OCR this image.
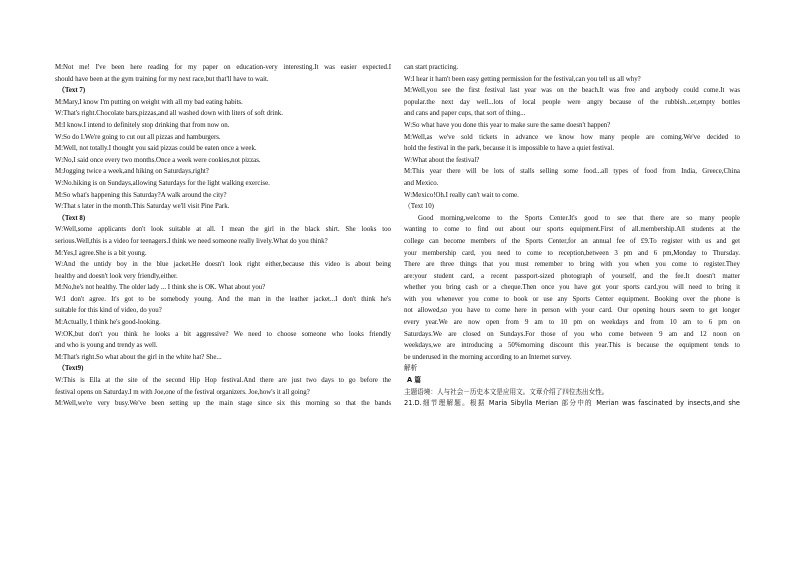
M:Not me! I've been here reading for my paper on education-very interesting.It was easier expected.I
should have been at the gym training for my next race,but that'll have to wait.
（Text 7)
M:Mary,I know I'm putting on weight with all my bad eating habits.
W:That's right.Chocolate bars,pizzas,and all washed down with liters of soft drink.
M:I know.I intend to definitely stop drinking that from now on.
W:So do I.We're going to cut out all pizzas and hamburgers.
M:Well, not totally.I thought you said pizzas could be eaten once a week.
W:No,I said once every two months.Once a week were cookies,not pizzas.
M:Jogging twice a week,and hiking on Saturdays,right?
W:No.hiking is on Sundays,allowing Saturdays for the light walking exercise.
M:So what's happening this Saturday?A walk around the city?
W:That s later in the month.This Saturday we'll visit Pine Park.
（Text 8)
W:Well,some applicants don't look suitable at all. I mean the girl in the black shirt. She looks too
serious.Well,this is a video for teenagers.I think we need someone really lively.What do you think?
M:Yes,I agree.She is a bit young.
W:And the untidy boy in the blue jacket.He doesn't look right either,because this video is about being
healthy and doesn't look very friendly,either.
M:No,he's not healthy. The older lady ... I think she is OK. What about you?
W:I don't agree. It's got to be somebody young. And the man in the leather jacket...I don't think he's
suitable for this kind of video, do you?
M:Actually, I think he's good-looking.
W:OK,but don't you think he looks a bit aggressive? We need to choose someone who looks friendly
and who is young and trendy as well.
M:That's right.So what about the girl in the white hat? She...
（Text9)
W:This is Ella at the site of the second Hip Hop festival.And there are just two days to go before the
festival opens on Saturday.I m with Joe,one of the festival organizers. Joe,how's it all going?
M:Well,we're very busy.We've been setting up the main stage since six this morning so that the bands
can start practicing.
W:I hear it ham't been easy getting permission for the festival,can you tell us all why?
M:Well,you see the first festival last year was on the beach.It was free and anybody could come.It was
popular.the next day well...lots of local people were angry because of the rubbish...er,empty bottles
and cans and paper cups, that sort of thing...
W:So what have you done this year to make sure the same doesn't happen?
M:Well,as we've sold tickets in advance we know how many people are coming.We've decided to
hold the festival in the park, because it is impossible to have a quiet festival.
W:What about the festival?
M:This year there will be lots of stalls selling some food...all types of food from India, Greece,China
and Mexico.
W:Mexico!Oh.I really can't wait to come.
（Text 10)
Good morning,welcome to the Sports Center.It's good to see that there are so many people
wanting to come to find out about our sports equipment.First of all.membership.All students at the
college can become members of the Sports Center,for an annual fee of £9.To register with us and get
your membership card, you need to come to reception,between 3 pm and 6 pm,Monday to Thursday.
There are three things that you must remember to bring with you when you come to register.They
are:your student card, a recent passport-sized photograph of yourself, and the fee.It doesn't matter
whether you bring cash or a cheque.Then once you have got your sports card,you will need to bring it
with you whenever you come to book or use any Sports Center equipment. Booking over the phone is
not allowed,so you have to come here in person with your card. Our opening hours seem to get longer
every year.We are now open from 9 am to 10 pm on weekdays and from 10 am to 6 pm on
Saturdays.We are closed on Sundays.For those of you who come between 9 am and 12 noon on
weekdays,we are introducing a 50%morning discount this year.This is because the equipment tends to
be underused in the morning according to an Internet survey.
解析
A 篇
主题语境：人与社会－历史本文是应用文。文章介绍了四位杰出女性。
21.D.细节理解题。根据 Maria Sibylla Merian 部分中的 Merian was fascinated by insects,and she
